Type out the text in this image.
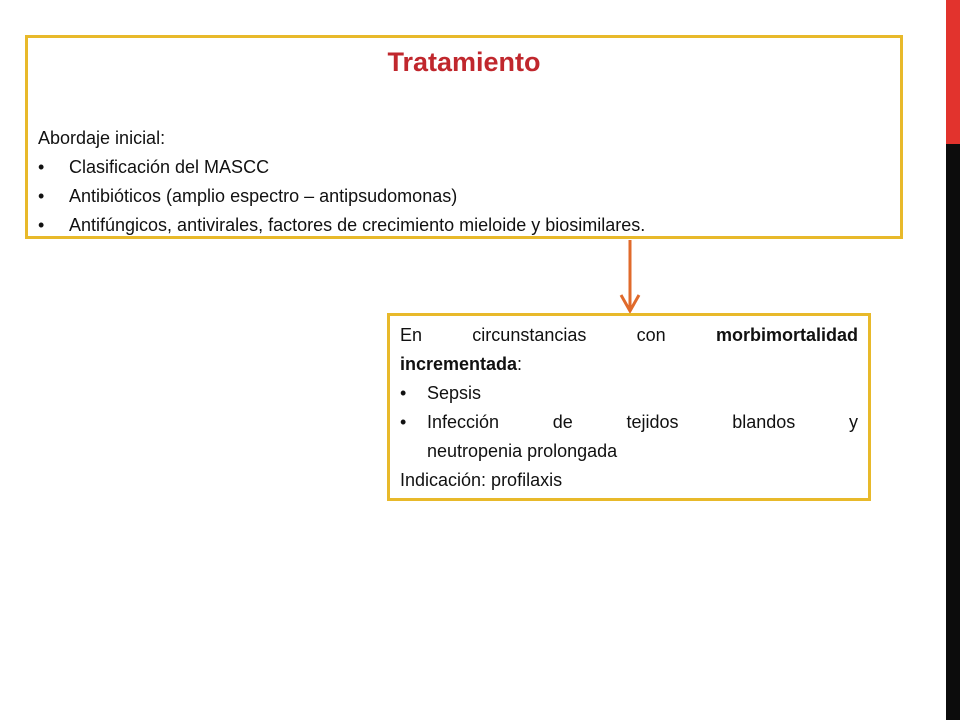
Tratamiento

Abordaje inicial:

• Clasificación del MASCC
• Antibióticos (amplio espectro – antipsudomonas)
• Antifúngicos, antivirales, factores de crecimiento mieloide y biosimilares.

En circunstancias con	morbimortalidad

incrementada:

• Sepsis
• Infección de tejidos blandos y
neutropenia prolongada

Indicación: profilaxis
